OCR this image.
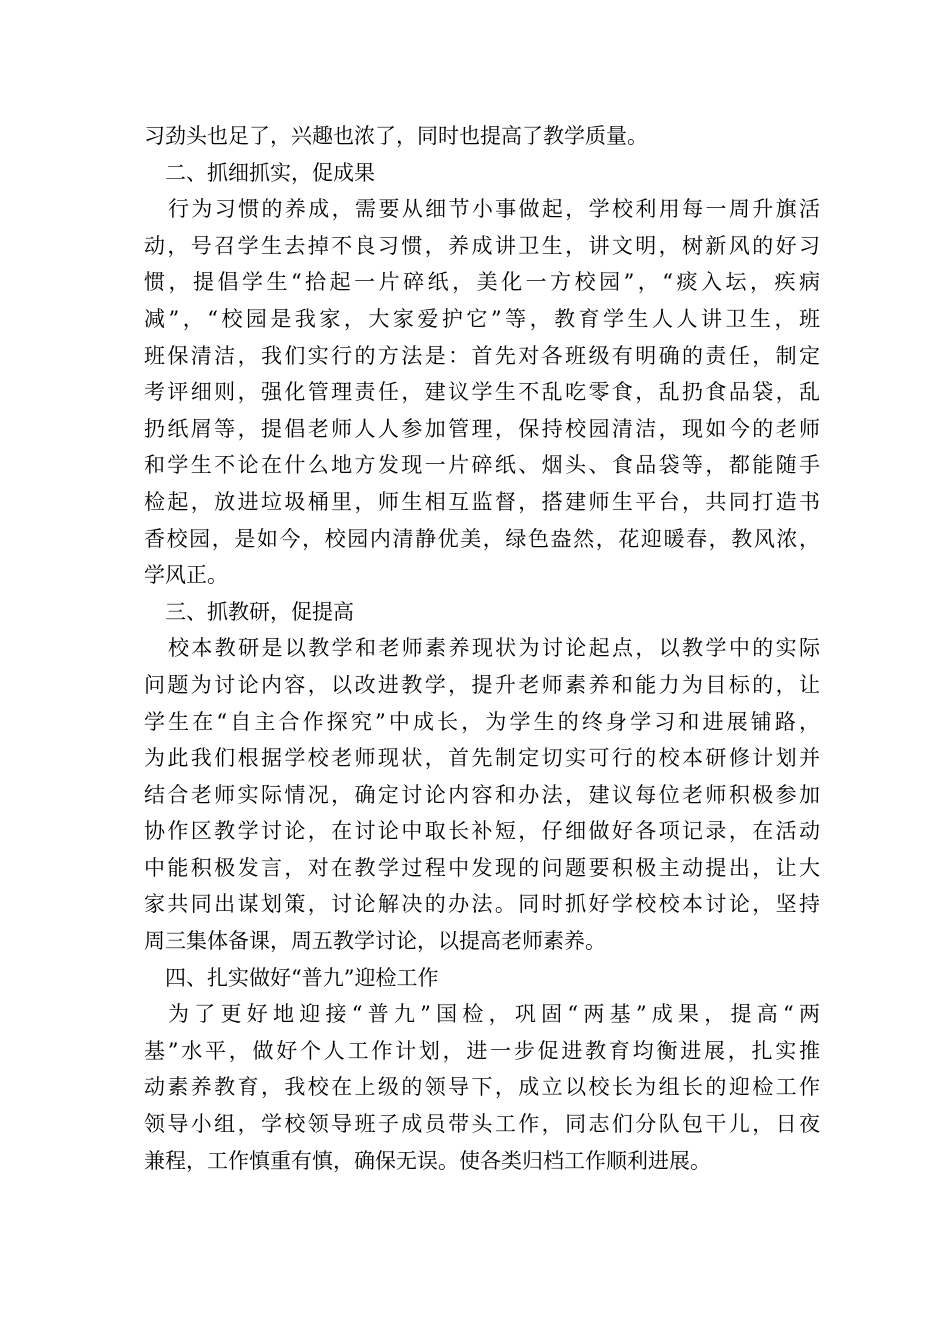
习劲头也足了，兴趣也浓了，同时也提高了教学质量。
二、抓细抓实，促成果
行为习惯的养成，需要从细节小事做起，学校利用每一周升旗活
动，号召学生去掉不良习惯，养成讲卫生，讲文明，树新风的好习
惯，提倡学生“拾起一片碎纸，美化一方校园”，“痰入坛，疾病
减”，“校园是我家，大家爱护它”等，教育学生人人讲卫生，班
班保清洁，我们实行的方法是：首先对各班级有明确的责任，制定
考评细则，强化管理责任，建议学生不乱吃零食，乱扔食品袋，乱
扔纸屑等，提倡老师人人参加管理，保持校园清洁，现如今的老师
和学生不论在什么地方发现一片碎纸、烟头、食品袋等，都能随手
检起，放进垃圾桶里，师生相互监督，搭建师生平台，共同打造书
香校园，是如今，校园内清静优美，绿色盎然，花迎暖春，教风浓，
学风正。
三、抓教研，促提高
校本教研是以教学和老师素养现状为讨论起点，以教学中的实际
问题为讨论内容，以改进教学，提升老师素养和能力为目标的，让
学生在“自主合作探究”中成长，为学生的终身学习和进展铺路，
为此我们根据学校老师现状，首先制定切实可行的校本研修计划并
结合老师实际情况，确定讨论内容和办法，建议每位老师积极参加
协作区教学讨论，在讨论中取长补短，仔细做好各项记录，在活动
中能积极发言，对在教学过程中发现的问题要积极主动提出，让大
家共同出谋划策，讨论解决的办法。同时抓好学校校本讨论，坚持
周三集体备课，周五教学讨论，以提高老师素养。
四、扎实做好“普九”迎检工作
为了更好地迎接“普九”国检，巩固“两基”成果，提高“两
基”水平，做好个人工作计划，进一步促进教育均衡进展，扎实推
动素养教育，我校在上级的领导下，成立以校长为组长的迎检工作
领导小组，学校领导班子成员带头工作，同志们分队包干儿，日夜
兼程，工作慎重有慎，确保无误。使各类归档工作顺利进展。
